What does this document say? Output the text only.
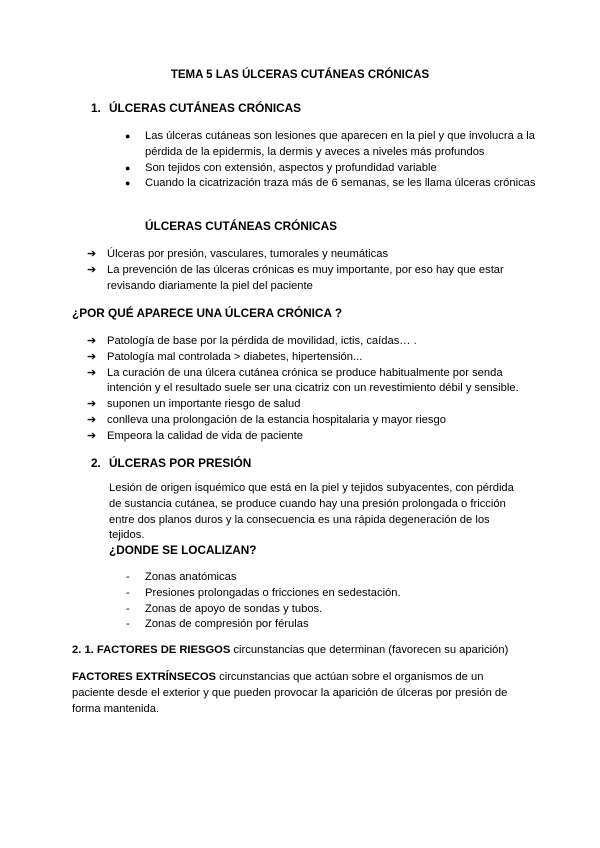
TEMA 5 LAS ÚLCERAS CUTÁNEAS CRÓNICAS
1. ÚLCERAS CUTÁNEAS CRÓNICAS
● Las úlceras cutáneas son lesiones que aparecen en la piel y que involucra a la pérdida de la epidermis, la dermis y aveces a niveles más profundos
● Son tejidos con extensión, aspectos y profundidad variable
● Cuando la cicatrización traza más de 6 semanas, se les llama úlceras crónicas
ÚLCERAS CUTÁNEAS CRÓNICAS
➔ Úlceras por presión, vasculares, tumorales y neumáticas
➔ La prevención de las úlceras crónicas es muy importante, por eso hay que estar revisando diariamente la piel del paciente
¿POR QUÉ APARECE UNA ÚLCERA CRÓNICA ?
➔ Patología de base por la pérdida de movilidad, ictis, caídas… .
➔ Patología mal controlada > diabetes, hipertensión...
➔ La curación de una úlcera cutánea crónica se produce habitualmente por senda intención y el resultado suele ser una cicatriz con un revestimiento débil y sensible.
➔ suponen un importante riesgo de salud
➔ conlleva una prolongación de la estancia hospitalaria y mayor riesgo
➔ Empeora la calidad de vida de paciente
2. ÚLCERAS POR PRESIÓN

Lesión de origen isquémico que está en la piel y tejidos subyacentes, con pérdida de sustancia cutánea, se produce cuando hay una presión prolongada o fricción entre dos planos duros y la consecuencia es una rápida degeneración de los tejidos.

¿DONDE SE LOCALIZAN?
- Zonas anatómicas
- Presiones prolongadas o fricciones en sedestación.
- Zonas de apoyo de sondas y tubos.
- Zonas de compresión por férulas
2. 1. FACTORES DE RIESGOS circunstancias que determinan (favorecen su aparición)

FACTORES EXTRÍNSECOS circunstancias que actúan sobre el organismos de un paciente desde el exterior y que pueden provocar la aparición de úlceras por presión de forma mantenida.
